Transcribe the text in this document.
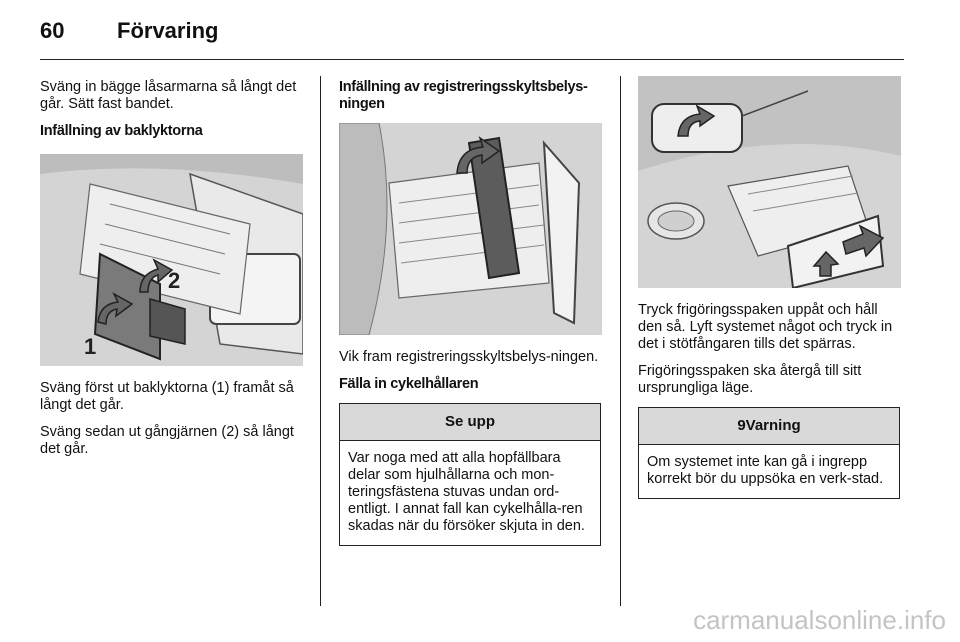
60 Förvaring

Sväng in bägge låsarmarna så långt det går. Sätt fast bandet.

Infällning av baklyktorna
1
2

Sväng först ut baklyktorna (1) framåt så långt det går.

Sväng sedan ut gångjärnen (2) så långt det går.

Infällning av registreringsskyltsbelys-ningen

Vik fram registreringsskyltsbelys-ningen.

Fälla in cykelhållaren
Se upp
Var noga med att alla hopfällbara delar som hjulhållarna och mon-teringsfästena stuvas undan ord-entligt. I annat fall kan cykelhålla-ren skadas när du försöker skjuta in den.

Tryck frigöringsspaken uppåt och håll den så. Lyft systemet något och tryck in det i stötfångaren tills det spärras.

Frigöringsspaken ska återgå till sitt ursprungliga läge.

9Varning
Om systemet inte kan gå i ingrepp korrekt bör du uppsöka en verk-stad.
carmanualsonline.info
